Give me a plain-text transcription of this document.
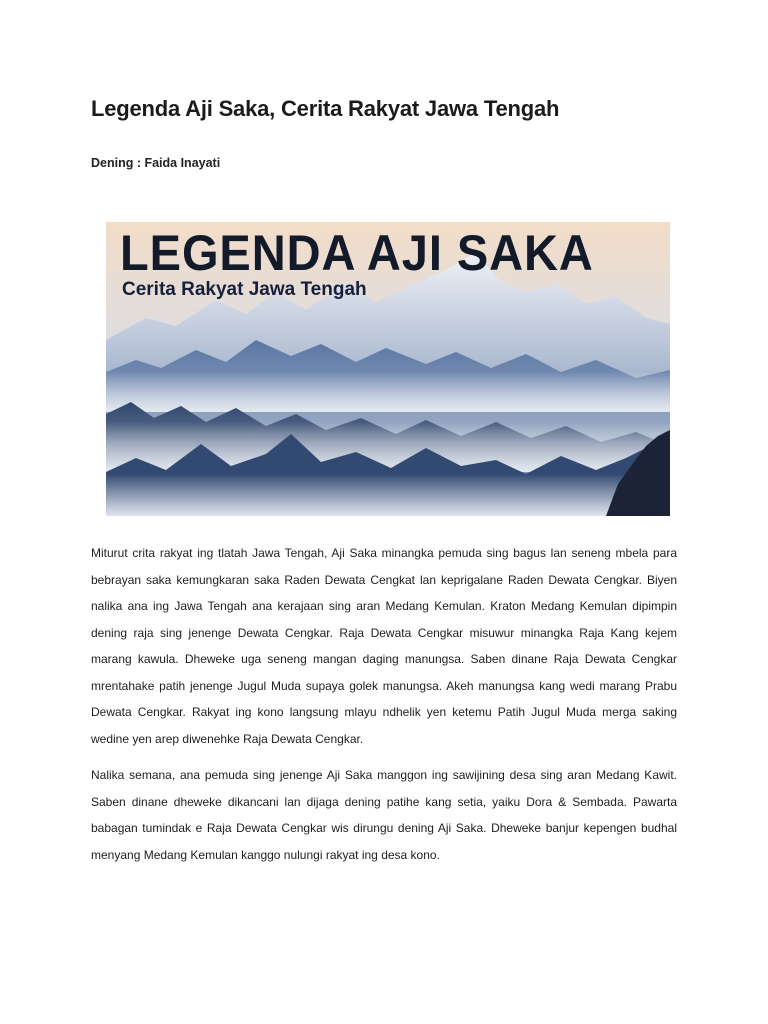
Legenda Aji Saka, Cerita Rakyat Jawa Tengah

Dening : Faida Inayati

LEGENDA AJI SAKA

Cerita Rakyat Jawa Tengah

Miturut crita rakyat ing tlatah Jawa Tengah, Aji Saka minangka pemuda sing bagus lan seneng mbela para bebrayan saka kemungkaran saka Raden Dewata Cengkat lan keprigalane Raden Dewata Cengkar. Biyen nalika ana ing Jawa Tengah ana kerajaan sing aran Medang Kemulan. Kraton Medang Kemulan dipimpin dening raja sing jenenge Dewata Cengkar. Raja Dewata Cengkar misuwur minangka Raja Kang kejem marang kawula. Dheweke uga seneng mangan daging manungsa. Saben dinane Raja Dewata Cengkar mrentahake patih jenenge Jugul Muda supaya golek manungsa. Akeh manungsa kang wedi marang Prabu Dewata Cengkar. Rakyat ing kono langsung mlayu ndhelik yen ketemu Patih Jugul Muda merga saking wedine yen arep diwenehke Raja Dewata Cengkar.

Nalika semana, ana pemuda sing jenenge Aji Saka manggon ing sawijining desa sing aran Medang Kawit. Saben dinane dheweke dikancani lan dijaga dening patihe kang setia, yaiku Dora & Sembada. Pawarta babagan tumindak e Raja Dewata Cengkar wis dirungu dening Aji Saka. Dheweke banjur kepengen budhal menyang Medang Kemulan kanggo nulungi rakyat ing desa kono.
